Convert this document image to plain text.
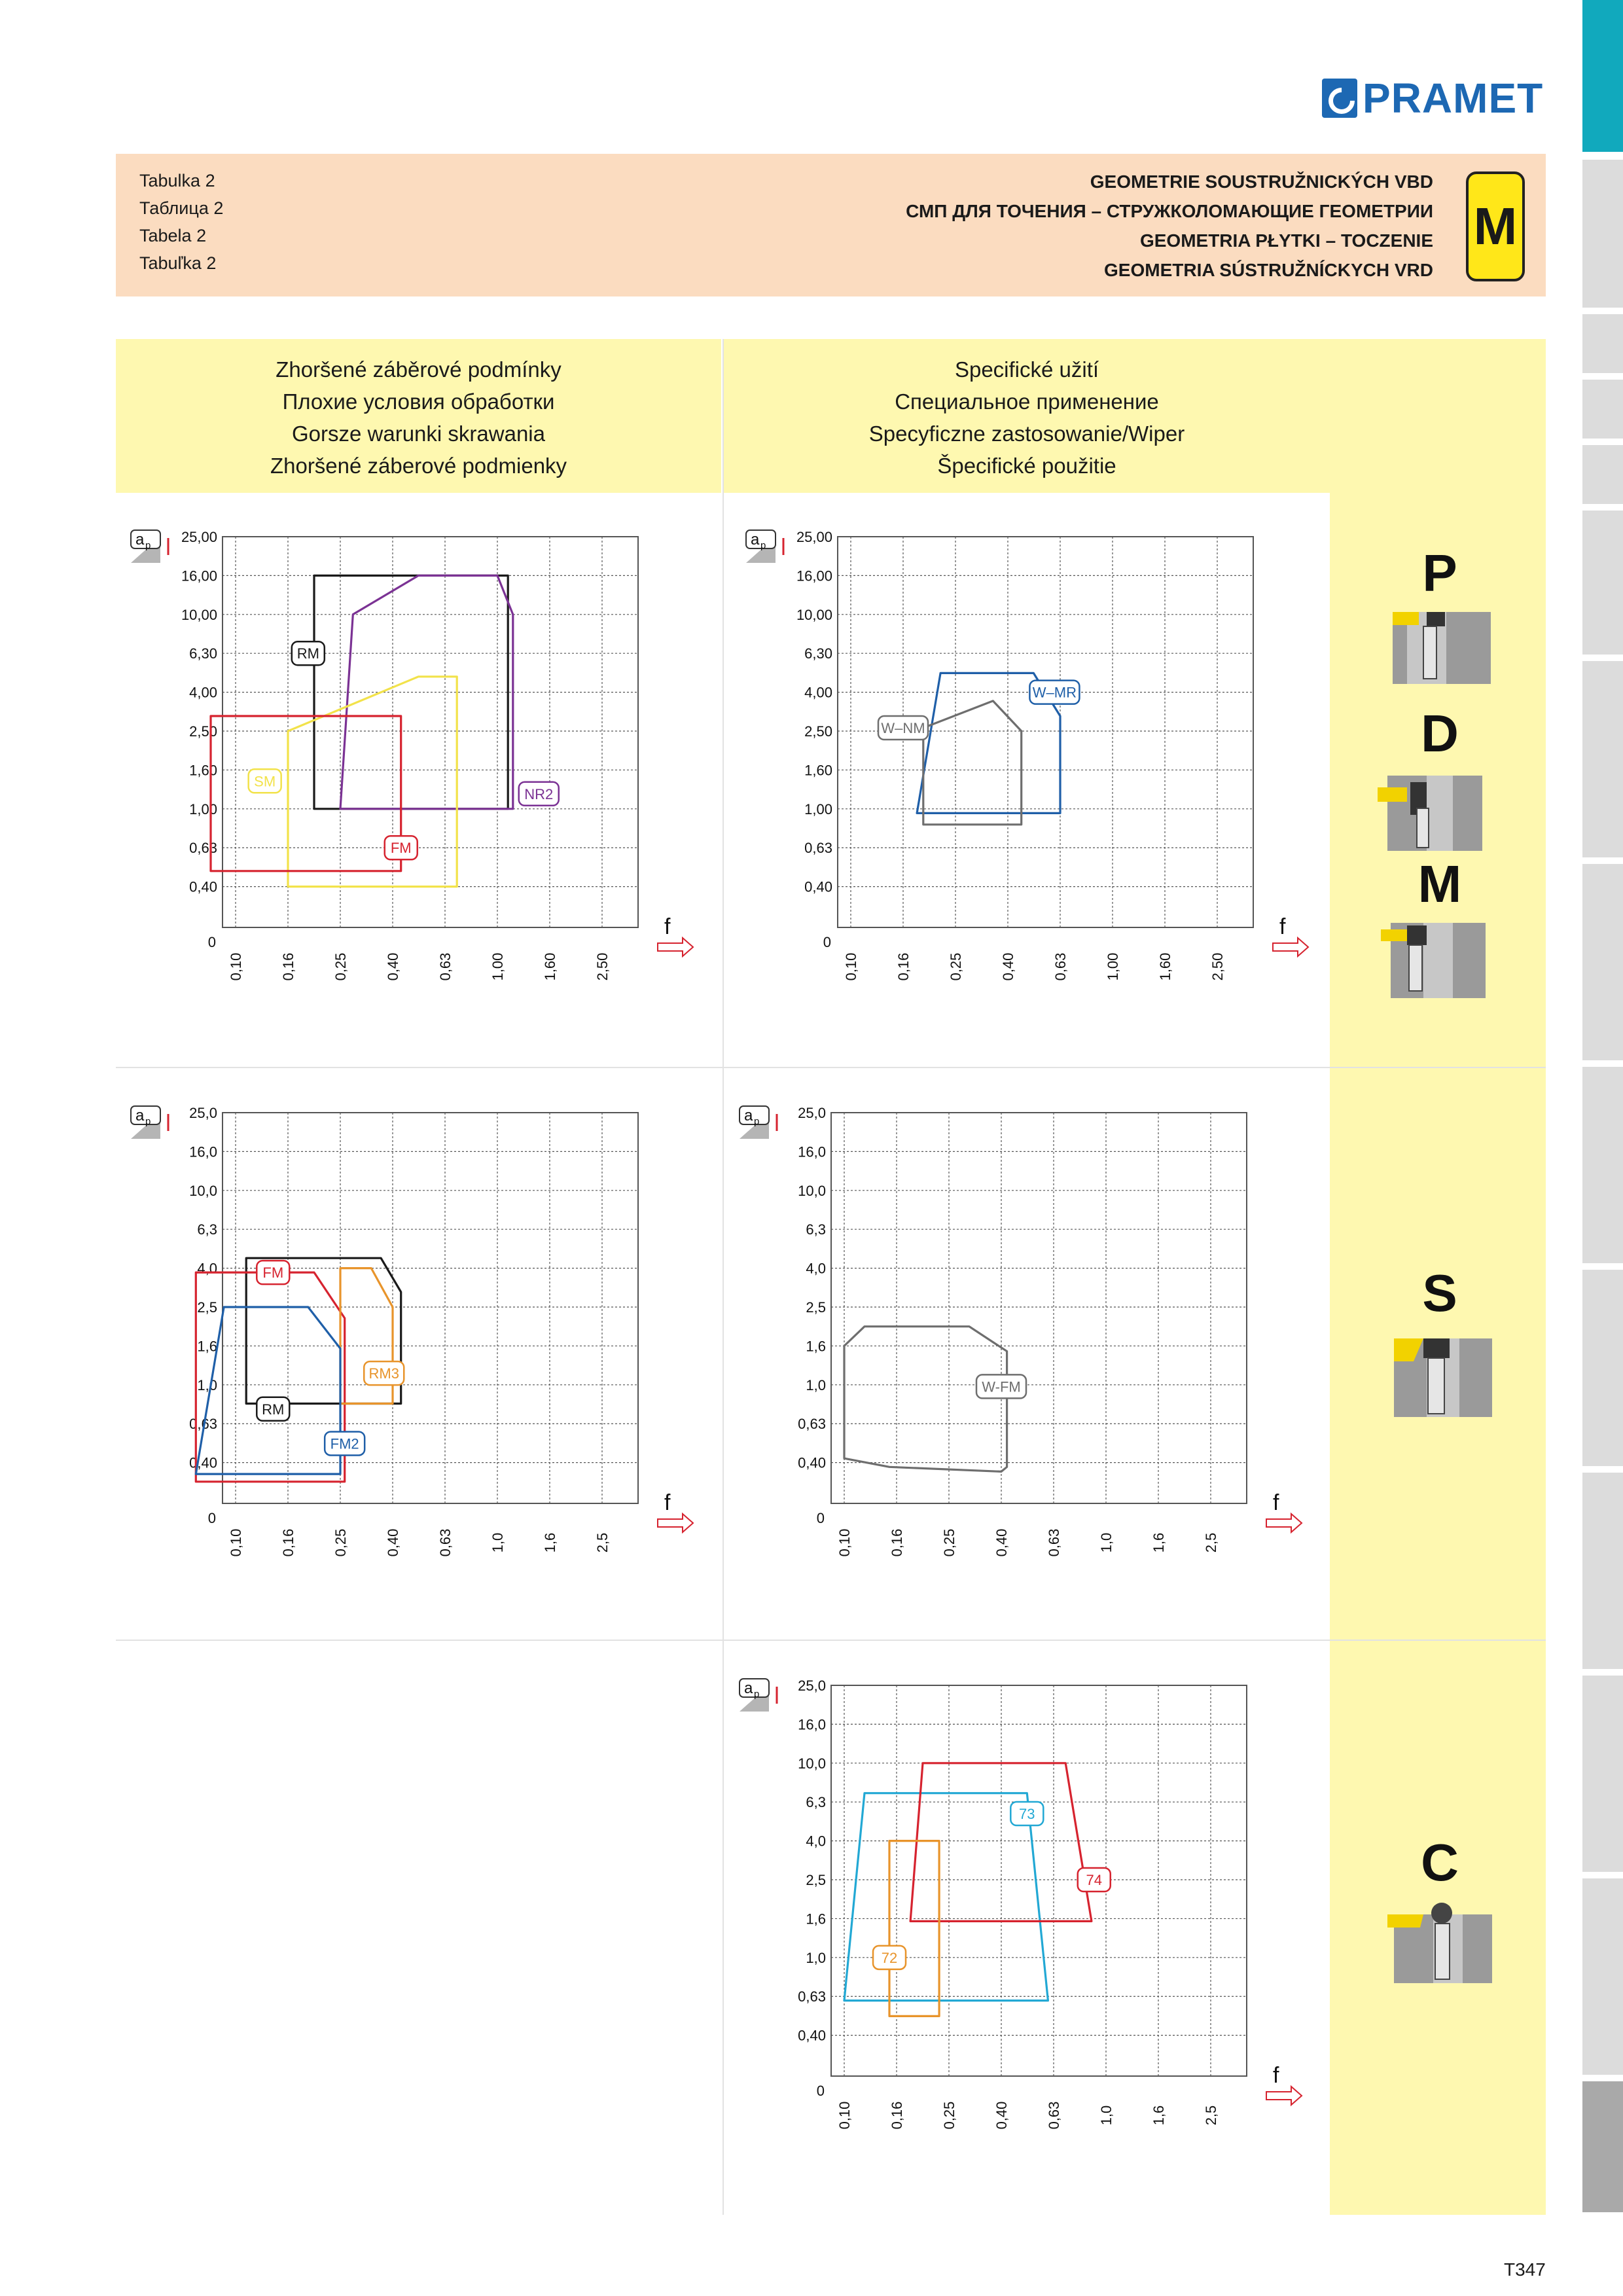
PRAMET
Tabulka 2
Таблица 2
Tabela 2
Tabuľka 2
GEOMETRIE SOUSTRUŽNICKÝCH VBD
СМП ДЛЯ ТОЧЕНИЯ – СТРУЖКОЛОМАЮЩИЕ ГЕОМЕТРИИ
GEOMETRIA PŁYTKI – TOCZENIE
GEOMETRIA SÚSTRUŽNÍCKYCH VRD
M
Zhoršené záběrové podmínky
Плохие условия обработки
Gorsze warunki skrawania
Zhoršené záberové podmienky
Specifické užití
Специальное применение
Specyficzne zastosowanie/Wiper
Špecifické použitie
P
D
M
S
C
a p
25,00
16,00
10,00
6,30
4,00
2,50
1,60
1,00
0,63
0,40
0,10	0,16	0,25	0,40	0,63	1,00	1,60	2,50
0
f
RM
NR2
SM
FM
a p
25,00
16,00
10,00
6,30
4,00
2,50
1,60
1,00
0,63
0,40
0,10	0,16	0,25	0,40	0,63	1,00	1,60	2,50
0
f
W–MR
W–NM
a p
25,0
16,0
10,0
6,3
4,0
2,5
1,6
1,0
0,63
0,40
0,10	0,16	0,25	0,40	0,63	1,0	1,6	2,5
0
f
RM
FM
RM3
FM2
a p
25,0
16,0
10,0
6,3
4,0
2,5
1,6
1,0
0,63
0,40
0,10	0,16	0,25	0,40	0,63	1,0	1,6	2,5
0
f
W-FM
a p
25,0
16,0
10,0
6,3
4,0
2,5
1,6
1,0
0,63
0,40
0,10	0,16	0,25	0,40	0,63	1,0	1,6	2,5
0
f
73
74
72
T347
